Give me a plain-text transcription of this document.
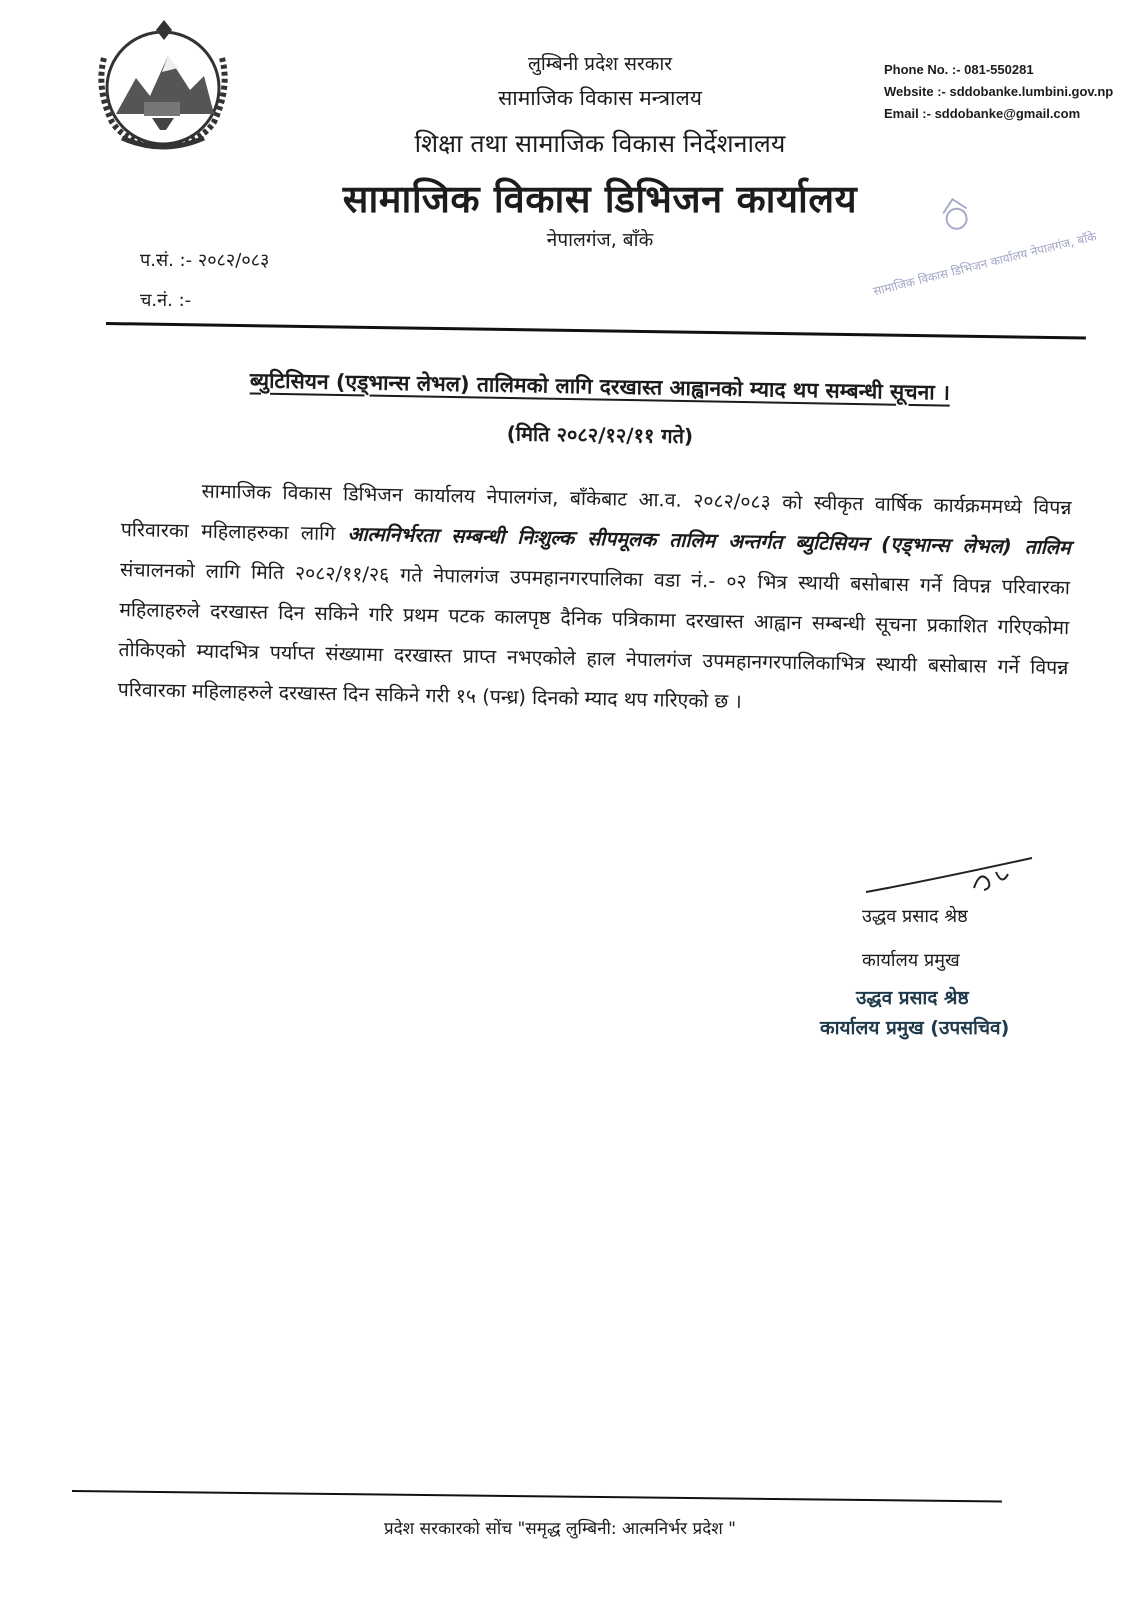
लुम्बिनी प्रदेश सरकार
सामाजिक विकास मन्त्रालय
शिक्षा तथा सामाजिक विकास निर्देशनालय
सामाजिक विकास डिभिजन कार्यालय
नेपालगंज, बाँके
Phone No. :- 081-550281
Website :- sddobanke.lumbini.gov.np
Email :- sddobanke@gmail.com
सामाजिक विकास डिभिजन कार्यालय नेपालगंज, बाँके
प.सं. :- २०८२/०८३
च.नं. :-
ब्युटिसियन (एड्भान्स लेभल) तालिमको लागि दरखास्त आह्वानको म्याद थप सम्बन्धी सूचना ।
(मिति २०८२/१२/११ गते)

सामाजिक विकास डिभिजन कार्यालय नेपालगंज, बाँकेबाट आ.व. २०८२/०८३ को स्वीकृत वार्षिक कार्यक्रममध्ये विपन्न परिवारका महिलाहरुका लागि आत्मनिर्भरता सम्बन्धी निःशुल्क सीपमूलक तालिम अन्तर्गत ब्युटिसियन (एड्भान्स लेभल) तालिम संचालनको लागि मिति २०८२/११/२६ गते नेपालगंज उपमहानगरपालिका वडा नं.- ०२ भित्र स्थायी बसोबास गर्ने विपन्न परिवारका महिलाहरुले दरखास्त दिन सकिने गरि प्रथम पटक कालपृष्ठ दैनिक पत्रिकामा दरखास्त आह्वान सम्बन्धी सूचना प्रकाशित गरिएकोमा तोकिएको म्यादभित्र पर्याप्त संख्यामा दरखास्त प्राप्त नभएकोले हाल नेपालगंज उपमहानगरपालिकाभित्र स्थायी बसोबास गर्ने विपन्न परिवारका महिलाहरुले दरखास्त दिन सकिने गरी १५ (पन्ध्र) दिनको म्याद थप गरिएको छ ।

उद्धव प्रसाद श्रेष्ठ
कार्यालय प्रमुख
उद्धव प्रसाद श्रेष्ठ
कार्यालय प्रमुख (उपसचिव)
प्रदेश सरकारको सोंच "समृद्ध लुम्बिनी: आत्मनिर्भर प्रदेश "
